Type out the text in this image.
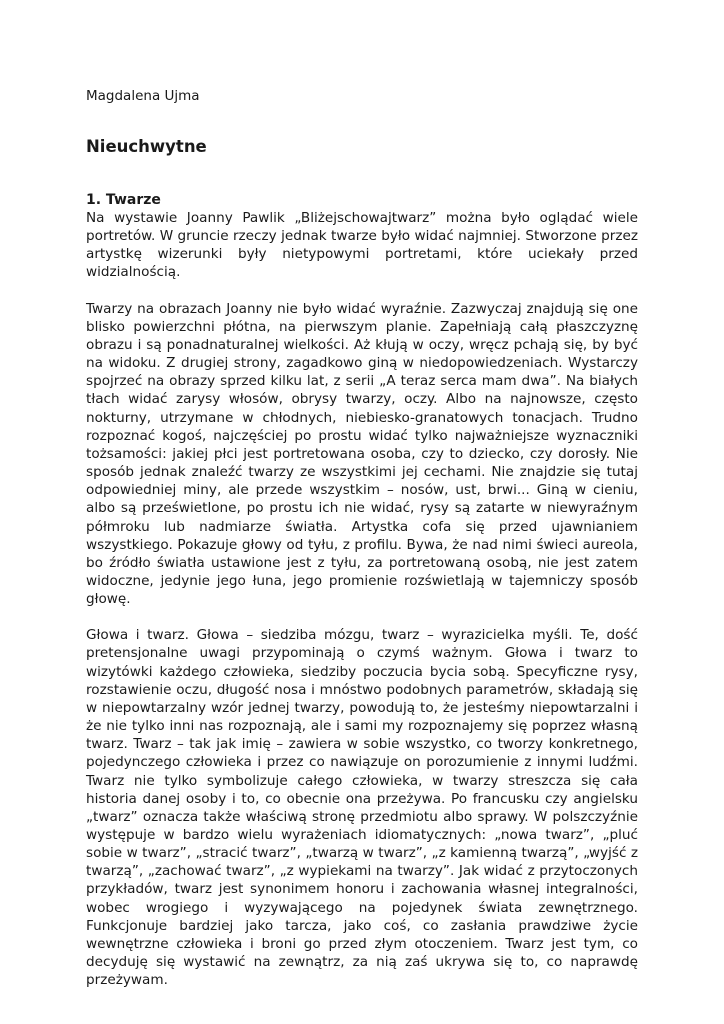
Magdalena Ujma

Nieuchwytne
1. Twarze

Na wystawie Joanny Pawlik „Bliżejschowajtwarz” można było oglądać wiele portretów. W gruncie rzeczy jednak twarze było widać najmniej. Stworzone przez artystkę wizerunki były nietypowymi portretami, które uciekały przed widzialnością.

Twarzy na obrazach Joanny nie było widać wyraźnie. Zazwyczaj znajdują się one blisko powierzchni płótna, na pierwszym planie. Zapełniają całą płaszczyznę obrazu i są ponadnaturalnej wielkości. Aż kłują w oczy, wręcz pchają się, by być na widoku. Z drugiej strony, zagadkowo giną w niedopowiedzeniach. Wystarczy spojrzeć na obrazy sprzed kilku lat, z serii „A teraz serca mam dwa”. Na białych tłach widać zarysy włosów, obrysy twarzy, oczy. Albo na najnowsze, często nokturny, utrzymane w chłodnych, niebiesko-granatowych tonacjach. Trudno rozpoznać kogoś, najczęściej po prostu widać tylko najważniejsze wyznaczniki tożsamości: jakiej płci jest portretowana osoba, czy to dziecko, czy dorosły. Nie sposób jednak znaleźć twarzy ze wszystkimi jej cechami. Nie znajdzie się tutaj odpowiedniej miny, ale przede wszystkim – nosów, ust, brwi... Giną w cieniu, albo są prześwietlone, po prostu ich nie widać, rysy są zatarte w niewyraźnym półmroku lub nadmiarze światła. Artystka cofa się przed ujawnianiem wszystkiego. Pokazuje głowy od tyłu, z profilu. Bywa, że nad nimi świeci aureola, bo źródło światła ustawione jest z tyłu, za portretowaną osobą, nie jest zatem widoczne, jedynie jego łuna, jego promienie rozświetlają w tajemniczy sposób głowę.

Głowa i twarz. Głowa – siedziba mózgu, twarz – wyrazicielka myśli. Te, dość pretensjonalne uwagi przypominają o czymś ważnym. Głowa i twarz to wizytówki każdego człowieka, siedziby poczucia bycia sobą. Specyficzne rysy, rozstawienie oczu, długość nosa i mnóstwo podobnych parametrów, składają się w niepowtarzalny wzór jednej twarzy, powodują to, że jesteśmy niepowtarzalni i że nie tylko inni nas rozpoznają, ale i sami my rozpoznajemy się poprzez własną twarz. Twarz – tak jak imię – zawiera w sobie wszystko, co tworzy konkretnego, pojedynczego człowieka i przez co nawiązuje on porozumienie z innymi ludźmi. Twarz nie tylko symbolizuje całego człowieka, w twarzy streszcza się cała historia danej osoby i to, co obecnie ona przeżywa. Po francusku czy angielsku „twarz” oznacza także właściwą stronę przedmiotu albo sprawy. W polszczyźnie występuje w bardzo wielu wyrażeniach idiomatycznych: „nowa twarz”, „pluć sobie w twarz”, „stracić twarz”, „twarzą w twarz”, „z kamienną twarzą”, „wyjść z twarzą”, „zachować twarz”, „z wypiekami na twarzy”. Jak widać z przytoczonych przykładów, twarz jest synonimem honoru i zachowania własnej integralności, wobec wrogiego i wyzywającego na pojedynek świata zewnętrznego. Funkcjonuje bardziej jako tarcza, jako coś, co zasłania prawdziwe życie wewnętrzne człowieka i broni go przed złym otoczeniem. Twarz jest tym, co decyduję się wystawić na zewnątrz, za nią zaś ukrywa się to, co naprawdę przeżywam.
